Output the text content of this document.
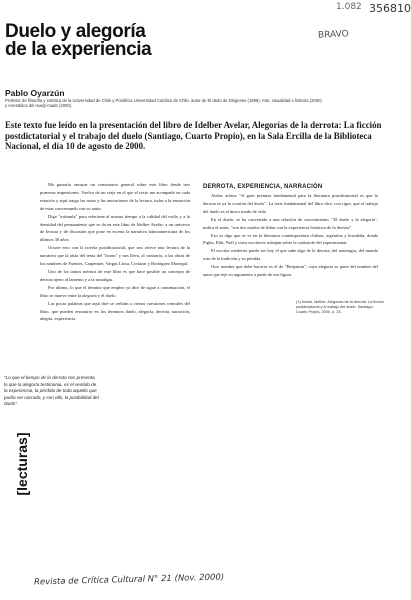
1.082 356810
BRAVO
Duelo y alegoría
de la experiencia
Pablo Oyarzún
Profesor de filosofía y estética de la Universidad de Chile y Pontificia Universidad Católica de Chile, autor de El dedo de Diógenes (1996), Arte, visualidad e historia (2000) y Anestética del ready-made (2000).
Este texto fue leído en la presentación del libro de Idelber Avelar, Alegorías de la derrota: La ficción postdictatorial y el trabajo del duelo (Santiago, Cuarto Propio), en la Sala Ercilla de la Biblioteca Nacional, el día 10 de agosto de 2000.

Me gustaría ensayar un comentario general sobre este libro desde tres primeras impresiones. Vuelvo de un viaje en el que el texto me acompañó en cada estación y aquí traigo las notas y las anotaciones de la lectura, todas a la sensación de estar conversando con su autor.

Digo "estimula" para referirme al mismo tiempo a la calidad del estilo y a la densidad del pensamiento que se da en este libro de Idelber Avelar; a un universo de lectura y de discusión que pone en escena la narrativa latinoamericana de los últimos 30 años.

Ocurre esto con la novela postdictatorial, que nos ofrece una lectura de la narrativa que la aísla del tema del "boom" y nos lleva, al contrario, a las obras de los nombres de Fuentes, Carpentier, Vargas Llosa, Cortázar y Rodríguez Monegal.

Uno de los tantos méritos de este libro es que hace posible un concepto de derrota ajeno al lamento y a la nostalgia.

Por último, lo que el término que empleo ya dice de sigue a continuación, el libro se mueve entre la alegoría y el duelo.

Las pocas palabras que aquí diré se ceñirán a ciertas cuestiones centrales del libro, que pueden resumirse en los términos duelo, alegoría, derrota, narración, alegría, experiencia.

"Lo que el tiempo de la derrota nos presenta, lo que la alegoría testimonia, es el sentido de la experiencia, la pérdida de toda aquello que podía ser narrado, y con ello, la posibilidad del duelo".
DERROTA, EXPERIENCIA, NARRACIÓN

Avelar aclara: "el gran premisa fundamental para la literatura postdictatorial es que la derrota es ya la ocasión del duelo". La tesis fundamental del libro dice, con rigor, que el trabajo del duelo es el único modo de vida.

En el duelo, se ha convertido a una relación de conocimiento. "El duelo y la alegoría", indica el autor, "son dos modos de lidiar con la experiencia histórica de la derrota".

Eso es algo que se ve en la literatura contemporánea chilena, argentina y brasileña, donde Piglia, Eltit, Noll y otros escritores trabajan sobre la catástrofe del experimentar.

El escritor moderno puede ser hoy el que sabe algo de la derrota, del naufragio, del mundo roto de la tradición y su pérdida.

Otro nombre que debe hacerse es el de "Benjamin", cuya alegoría es parte del nombre del autor que teje su argumento a partir de esa figura.

(1) Avelar, Idelber. Alegorías de la derrota: La ficción postdictatorial y el trabajo del duelo. Santiago: Cuarto Propio, 2000, p. 23.
[lecturas]
Revista de Crítica Cultural N° 21 (Nov. 2000)
